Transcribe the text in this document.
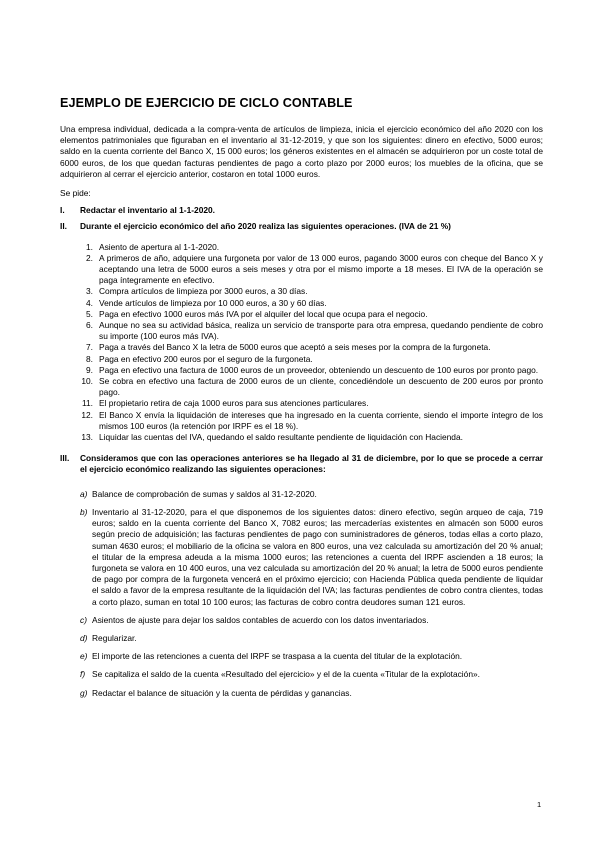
EJEMPLO DE EJERCICIO DE CICLO CONTABLE

Una empresa individual, dedicada a la compra-venta de artículos de limpieza, inicia el ejercicio económico del año 2020 con los elementos patrimoniales que figuraban en el inventario al 31-12-2019, y que son los siguientes: dinero en efectivo, 5000 euros; saldo en la cuenta corriente del Banco X, 15 000 euros; los géneros existentes en el almacén se adquirieron por un coste total de 6000 euros, de los que quedan facturas pendientes de pago a corto plazo por 2000 euros; los muebles de la oficina, que se adquirieron al cerrar el ejercicio anterior, costaron en total 1000 euros.

Se pide:

I.	Redactar el inventario al 1-1-2020.
II.	Durante el ejercicio económico del año 2020 realiza las siguientes operaciones. (IVA de 21 %)
1. Asiento de apertura al 1-1-2020.
2. A primeros de año, adquiere una furgoneta por valor de 13 000 euros, pagando 3000 euros con cheque del Banco X y aceptando una letra de 5000 euros a seis meses y otra por el mismo importe a 18 meses. El IVA de la operación se paga íntegramente en efectivo.
3. Compra artículos de limpieza por 3000 euros, a 30 días.
4. Vende artículos de limpieza por 10 000 euros, a 30 y 60 días.
5. Paga en efectivo 1000 euros más IVA por el alquiler del local que ocupa para el negocio.
6. Aunque no sea su actividad básica, realiza un servicio de transporte para otra empresa, quedando pendiente de cobro su importe (100 euros más IVA).
7. Paga a través del Banco X la letra de 5000 euros que aceptó a seis meses por la compra de la furgoneta.
8. Paga en efectivo 200 euros por el seguro de la furgoneta.
9. Paga en efectivo una factura de 1000 euros de un proveedor, obteniendo un descuento de 100 euros por pronto pago.
10. Se cobra en efectivo una factura de 2000 euros de un cliente, concediéndole un descuento de 200 euros por pronto pago.
11. El propietario retira de caja 1000 euros para sus atenciones particulares.
12. El Banco X envía la liquidación de intereses que ha ingresado en la cuenta corriente, siendo el importe íntegro de los mismos 100 euros (la retención por IRPF es el 18 %).
13. Liquidar las cuentas del IVA, quedando el saldo resultante pendiente de liquidación con Hacienda.
III.	Consideramos que con las operaciones anteriores se ha llegado al 31 de diciembre, por lo que se procede a cerrar el ejercicio económico realizando las siguientes operaciones:
a) Balance de comprobación de sumas y saldos al 31-12-2020.
b) Inventario al 31-12-2020, para el que disponemos de los siguientes datos: dinero efectivo, según arqueo de caja, 719 euros; saldo en la cuenta corriente del Banco X, 7082 euros; las mercaderías existentes en almacén son 5000 euros según precio de adquisición; las facturas pendientes de pago con suministradores de géneros, todas ellas a corto plazo, suman 4630 euros; el mobiliario de la oficina se valora en 800 euros, una vez calculada su amortización del 20 % anual; el titular de la empresa adeuda a la misma 1000 euros; las retenciones a cuenta del IRPF ascienden a 18 euros; la furgoneta se valora en 10 400 euros, una vez calculada su amortización del 20 % anual; la letra de 5000 euros pendiente de pago por compra de la furgoneta vencerá en el próximo ejercicio; con Hacienda Pública queda pendiente de liquidar el saldo a favor de la empresa resultante de la liquidación del IVA; las facturas pendientes de cobro contra clientes, todas a corto plazo, suman en total 10 100 euros; las facturas de cobro contra deudores suman 121 euros.
c) Asientos de ajuste para dejar los saldos contables de acuerdo con los datos inventariados.
d) Regularizar.
e) El importe de las retenciones a cuenta del IRPF se traspasa a la cuenta del titular de la explotación.
f) Se capitaliza el saldo de la cuenta «Resultado del ejercicio» y el de la cuenta «Titular de la explotación».
g) Redactar el balance de situación y la cuenta de pérdidas y ganancias.
1
